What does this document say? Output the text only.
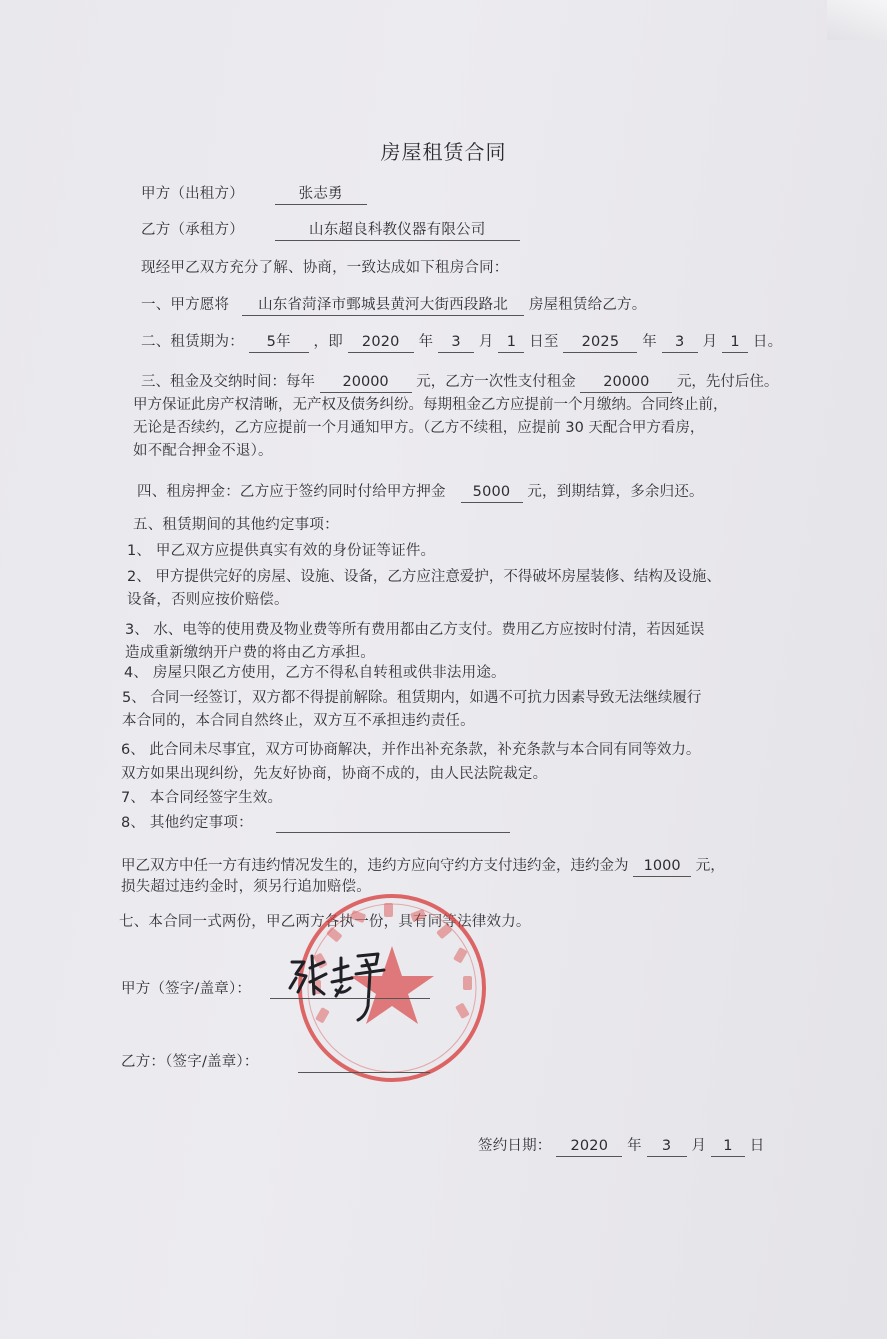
房屋租赁合同
甲方（出租方）	张志勇
乙方（承租方）	山东超良科教仪器有限公司
现经甲乙双方充分了解、协商，一致达成如下租房合同：
一、甲方愿将 山东省菏泽市鄄城县黄河大街西段路北 房屋租赁给乙方。
二、租赁期为： 5年 ，即 2020 年 3 月 1 日至 2025 年 3 月 1 日。
三、租金及交纳时间：每年 20000 元，乙方一次性支付租金 20000 元，先付后住。
甲方保证此房产权清晰，无产权及债务纠纷。每期租金乙方应提前一个月缴纳。合同终止前，
无论是否续约，乙方应提前一个月通知甲方。（乙方不续租，应提前 30 天配合甲方看房，
如不配合押金不退）。
四、租房押金：乙方应于签约同时付给甲方押金 5000 元，到期结算，多余归还。
五、租赁期间的其他约定事项：
1、 甲乙双方应提供真实有效的身份证等证件。
2、 甲方提供完好的房屋、设施、设备，乙方应注意爱护，不得破坏房屋装修、结构及设施、
设备，否则应按价赔偿。
3、 水、电等的使用费及物业费等所有费用都由乙方支付。费用乙方应按时付清，若因延误
造成重新缴纳开户费的将由乙方承担。
4、 房屋只限乙方使用，乙方不得私自转租或供非法用途。
5、 合同一经签订，双方都不得提前解除。租赁期内，如遇不可抗力因素导致无法继续履行
本合同的，本合同自然终止，双方互不承担违约责任。
6、 此合同未尽事宜，双方可协商解决，并作出补充条款，补充条款与本合同有同等效力。
双方如果出现纠纷，先友好协商，协商不成的，由人民法院裁定。
7、 本合同经签字生效。
8、 其他约定事项：
甲乙双方中任一方有违约情况发生的，违约方应向守约方支付违约金，违约金为 1000 元，
损失超过违约金时，须另行追加赔偿。
七、本合同一式两份，甲乙两方各执一份，具有同等法律效力。
甲方（签字/盖章）：
乙方：（签字/盖章）：
签约日期： 2020 年 3 月 1 日
